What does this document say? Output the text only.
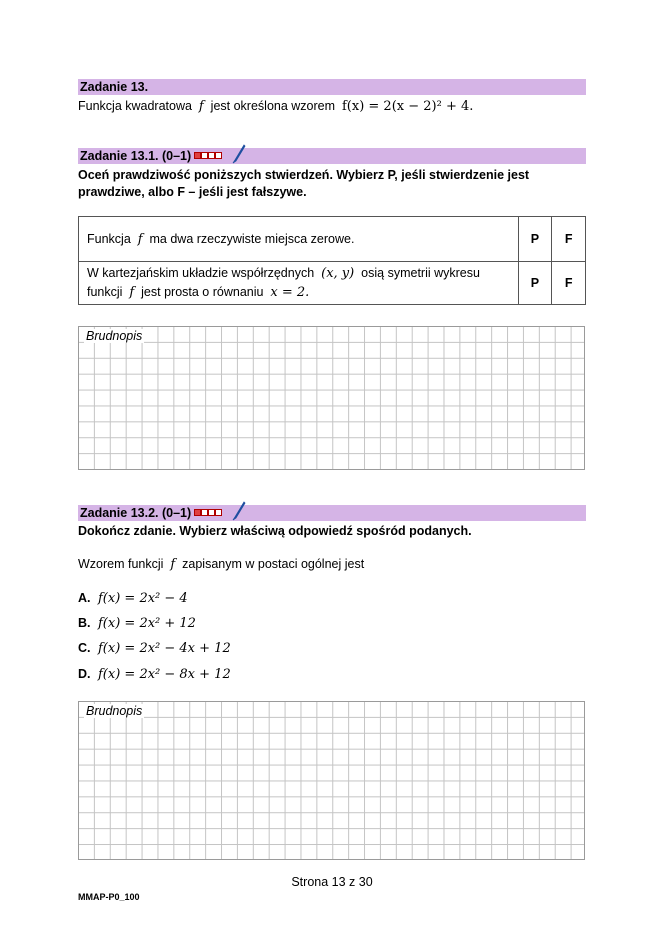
Zadanie 13.
Funkcja kwadratowa f jest określona wzorem f(x) = 2(x − 2)² + 4.
Zadanie 13.1. (0–1)
Oceń prawdziwość poniższych stwierdzeń. Wybierz P, jeśli stwierdzenie jest
prawdziwe, albo F – jeśli jest fałszywe.
Funkcja f ma dwa rzeczywiste miejsca zerowe.	P	F

W kartezjańskim układzie współrzędnych (x, y) osią symetrii wykresu
funkcji f jest prosta o równaniu x = 2.	P	F
Brudnopis
Zadanie 13.2. (0–1)
Dokończ zdanie. Wybierz właściwą odpowiedź spośród podanych.
Wzorem funkcji f zapisanym w postaci ogólnej jest
A. f(x) = 2x² − 4
B. f(x) = 2x² + 12
C. f(x) = 2x² − 4x + 12
D. f(x) = 2x² − 8x + 12
Brudnopis
Strona 13 z 30
MMAP-P0_100
